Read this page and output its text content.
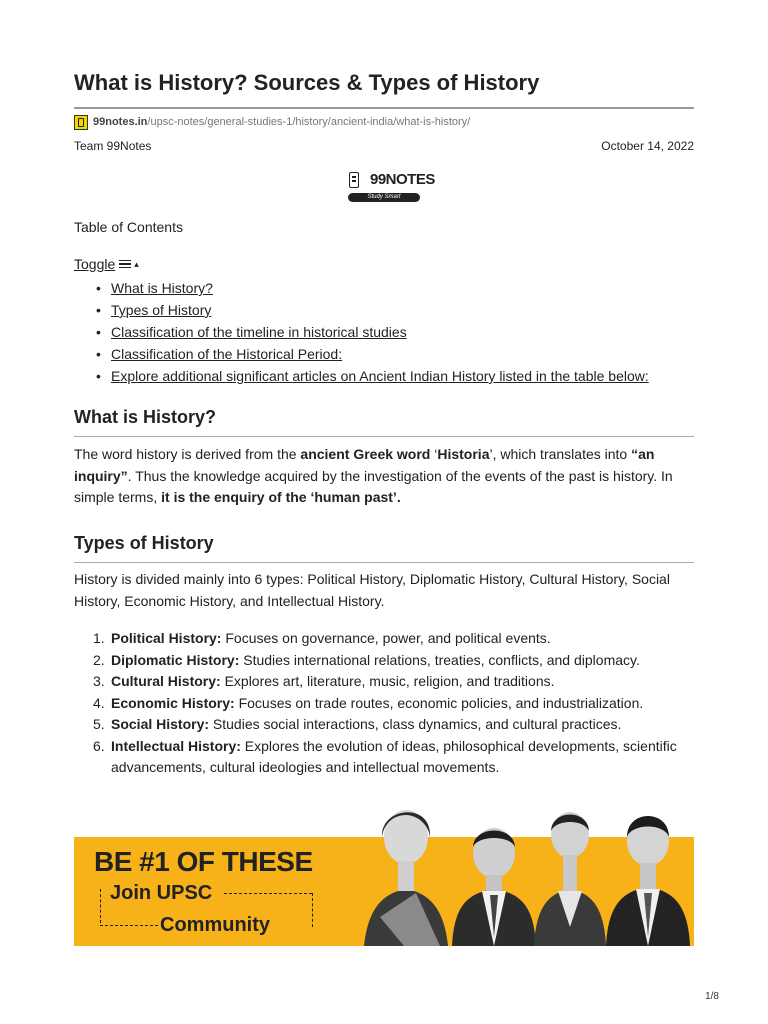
What is History? Sources & Types of History
99notes.in /upsc-notes/general-studies-1/history/ancient-india/what-is-history/
Team 99Notes	October 14, 2022
99NOTES
Study Smart
Table of Contents
Toggle ▴︎
• What is History?
• Types of History
• Classification of the timeline in historical studies
• Classification of the Historical Period:
• Explore additional significant articles on Ancient Indian History listed in the table below:
What is History?

The word history is derived from the ancient Greek word ‘Historia’, which translates into “an inquiry”. Thus the knowledge acquired by the investigation of the events of the past is history. In simple terms, it is the enquiry of the ‘human past’.

Types of History

History is divided mainly into 6 types: Political History, Diplomatic History, Cultural History, Social History, Economic History, and Intellectual History.

1. Political History: Focuses on governance, power, and political events.
2. Diplomatic History: Studies international relations, treaties, conflicts, and diplomacy.
3. Cultural History: Explores art, literature, music, religion, and traditions.
4. Economic History: Focuses on trade routes, economic policies, and industrialization.
5. Social History: Studies social interactions, class dynamics, and cultural practices.
6. Intellectual History: Explores the evolution of ideas, philosophical developments, scientific advancements, cultural ideologies and intellectual movements.
BE #1 OF THESE
Join UPSC
Community
1/8
